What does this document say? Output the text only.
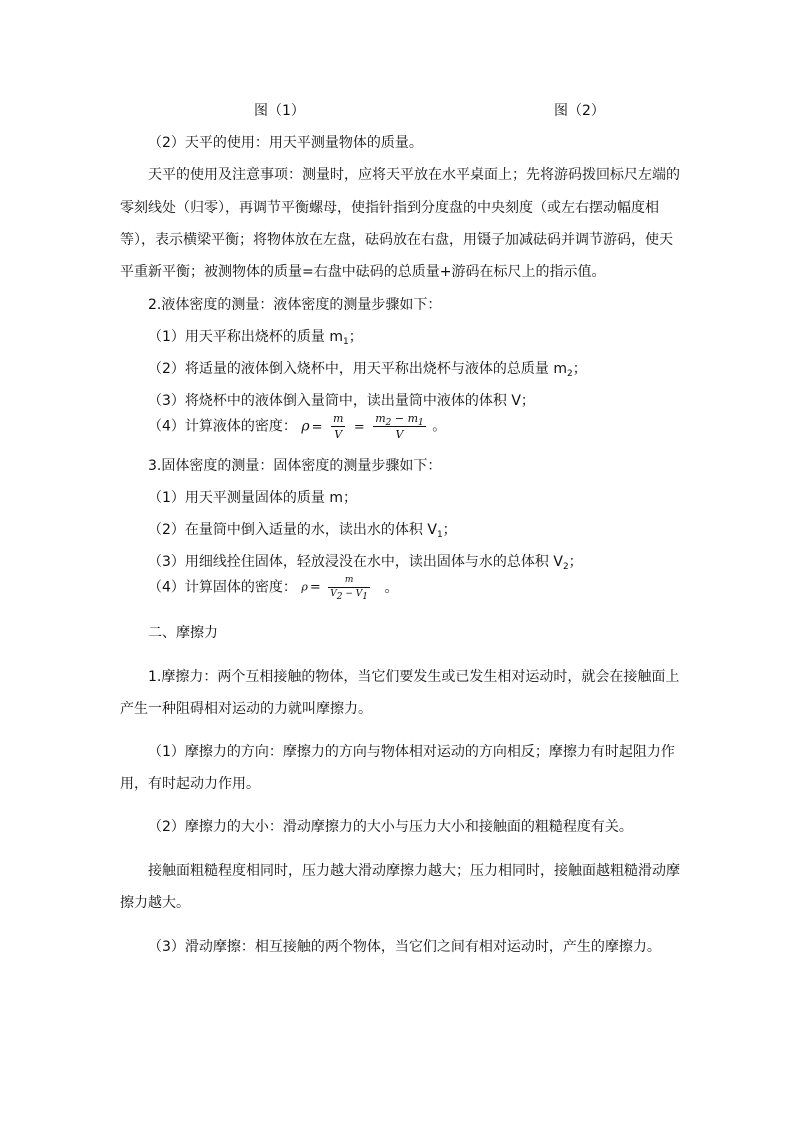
图（1）	图（2）
（2）天平的使用：用天平测量物体的质量。
天平的使用及注意事项：测量时，应将天平放在水平桌面上；先将游码拨回标尺左端的
零刻线处（归零），再调节平衡螺母，使指针指到分度盘的中央刻度（或左右摆动幅度相
等），表示横梁平衡；将物体放在左盘，砝码放在右盘，用镊子加减砝码并调节游码，使天
平重新平衡；被测物体的质量=右盘中砝码的总质量+游码在标尺上的指示值。
2.液体密度的测量：液体密度的测量步骤如下：
（1）用天平称出烧杯的质量 $m_1$；
（2）将适量的液体倒入烧杯中，用天平称出烧杯与液体的总质量 $m_2$；
（3）将烧杯中的液体倒入量筒中，读出量筒中液体的体积 V；
（4）计算液体的密度： $\rho = \frac{m}{V} = \frac{m_2 - m_1}{V}$ 。
3.固体密度的测量：固体密度的测量步骤如下：
（1）用天平测量固体的质量 m；
（2）在量筒中倒入适量的水，读出水的体积 $V_1$；
（3）用细线拴住固体，轻放浸没在水中，读出固体与水的总体积 $V_2$；
（4）计算固体的密度： $\rho = \frac{m}{V_2 - V_1}$ 。
二、摩擦力
1.摩擦力：两个互相接触的物体，当它们要发生或已发生相对运动时，就会在接触面上
产生一种阻碍相对运动的力就叫摩擦力。
（1）摩擦力的方向：摩擦力的方向与物体相对运动的方向相反；摩擦力有时起阻力作
用，有时起动力作用。
（2）摩擦力的大小：滑动摩擦力的大小与压力大小和接触面的粗糙程度有关。
接触面粗糙程度相同时，压力越大滑动摩擦力越大；压力相同时，接触面越粗糙滑动摩
擦力越大。
（3）滑动摩擦：相互接触的两个物体，当它们之间有相对运动时，产生的摩擦力。
